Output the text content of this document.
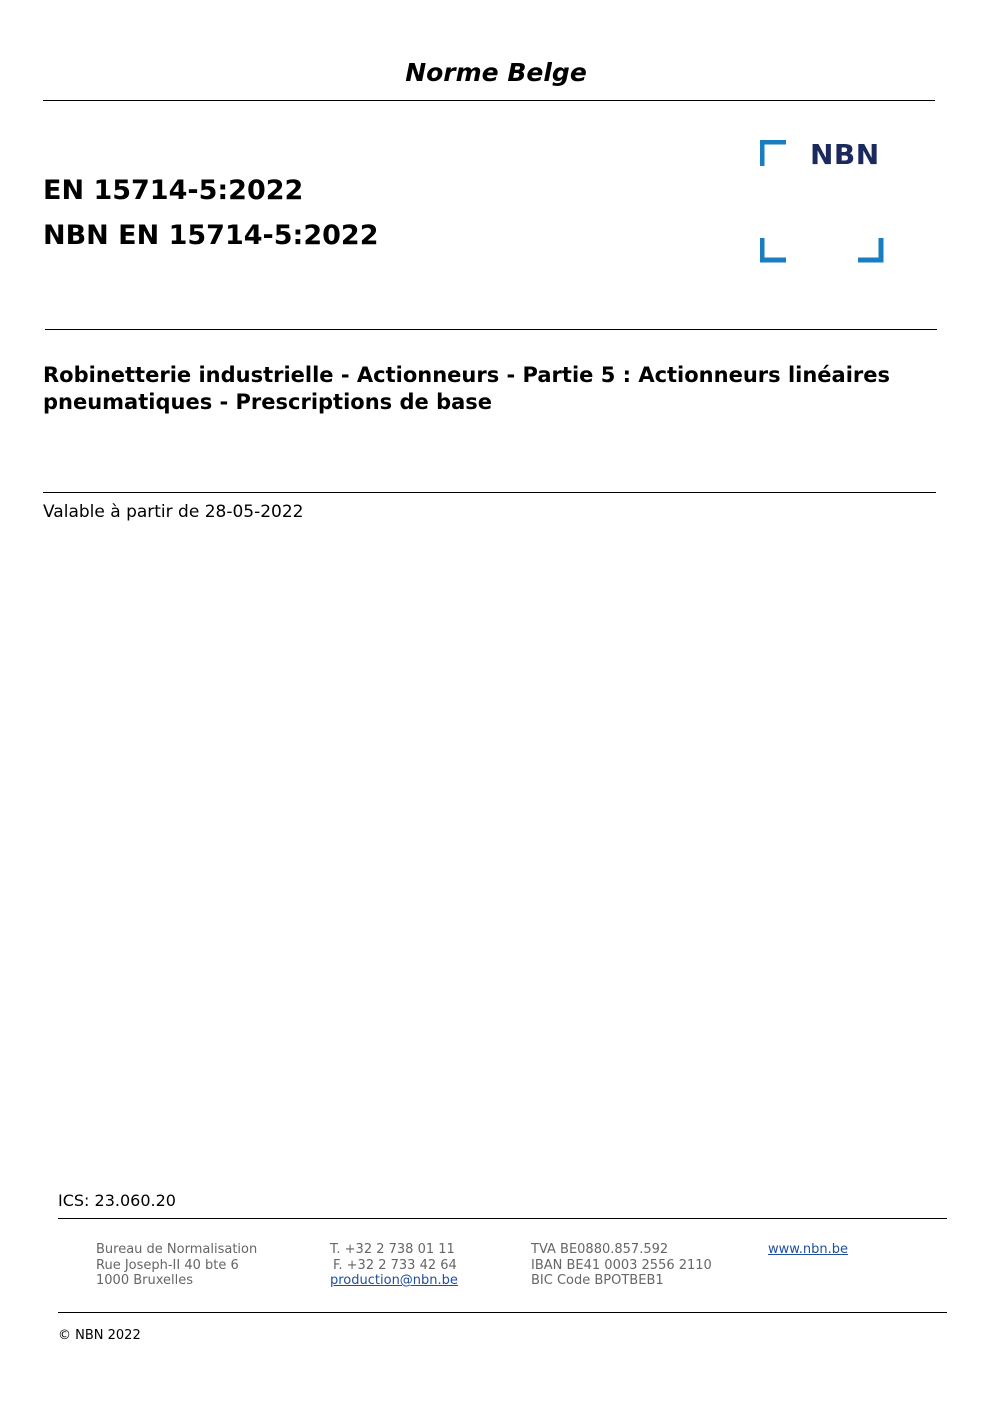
Norme Belge
EN 15714-5:2022
NBN EN 15714-5:2022
NBN
Robinetterie industrielle - Actionneurs - Partie 5 : Actionneurs linéaires pneumatiques - Prescriptions de base
Valable à partir de 28-05-2022
ICS: 23.060.20
Bureau de Normalisation
Rue Joseph-II 40 bte 6
1000 Bruxelles
T. +32 2 738 01 11
F. +32 2 733 42 64
production@nbn.be
TVA BE0880.857.592
IBAN BE41 0003 2556 2110
BIC Code BPOTBEB1
www.nbn.be
© NBN 2022
